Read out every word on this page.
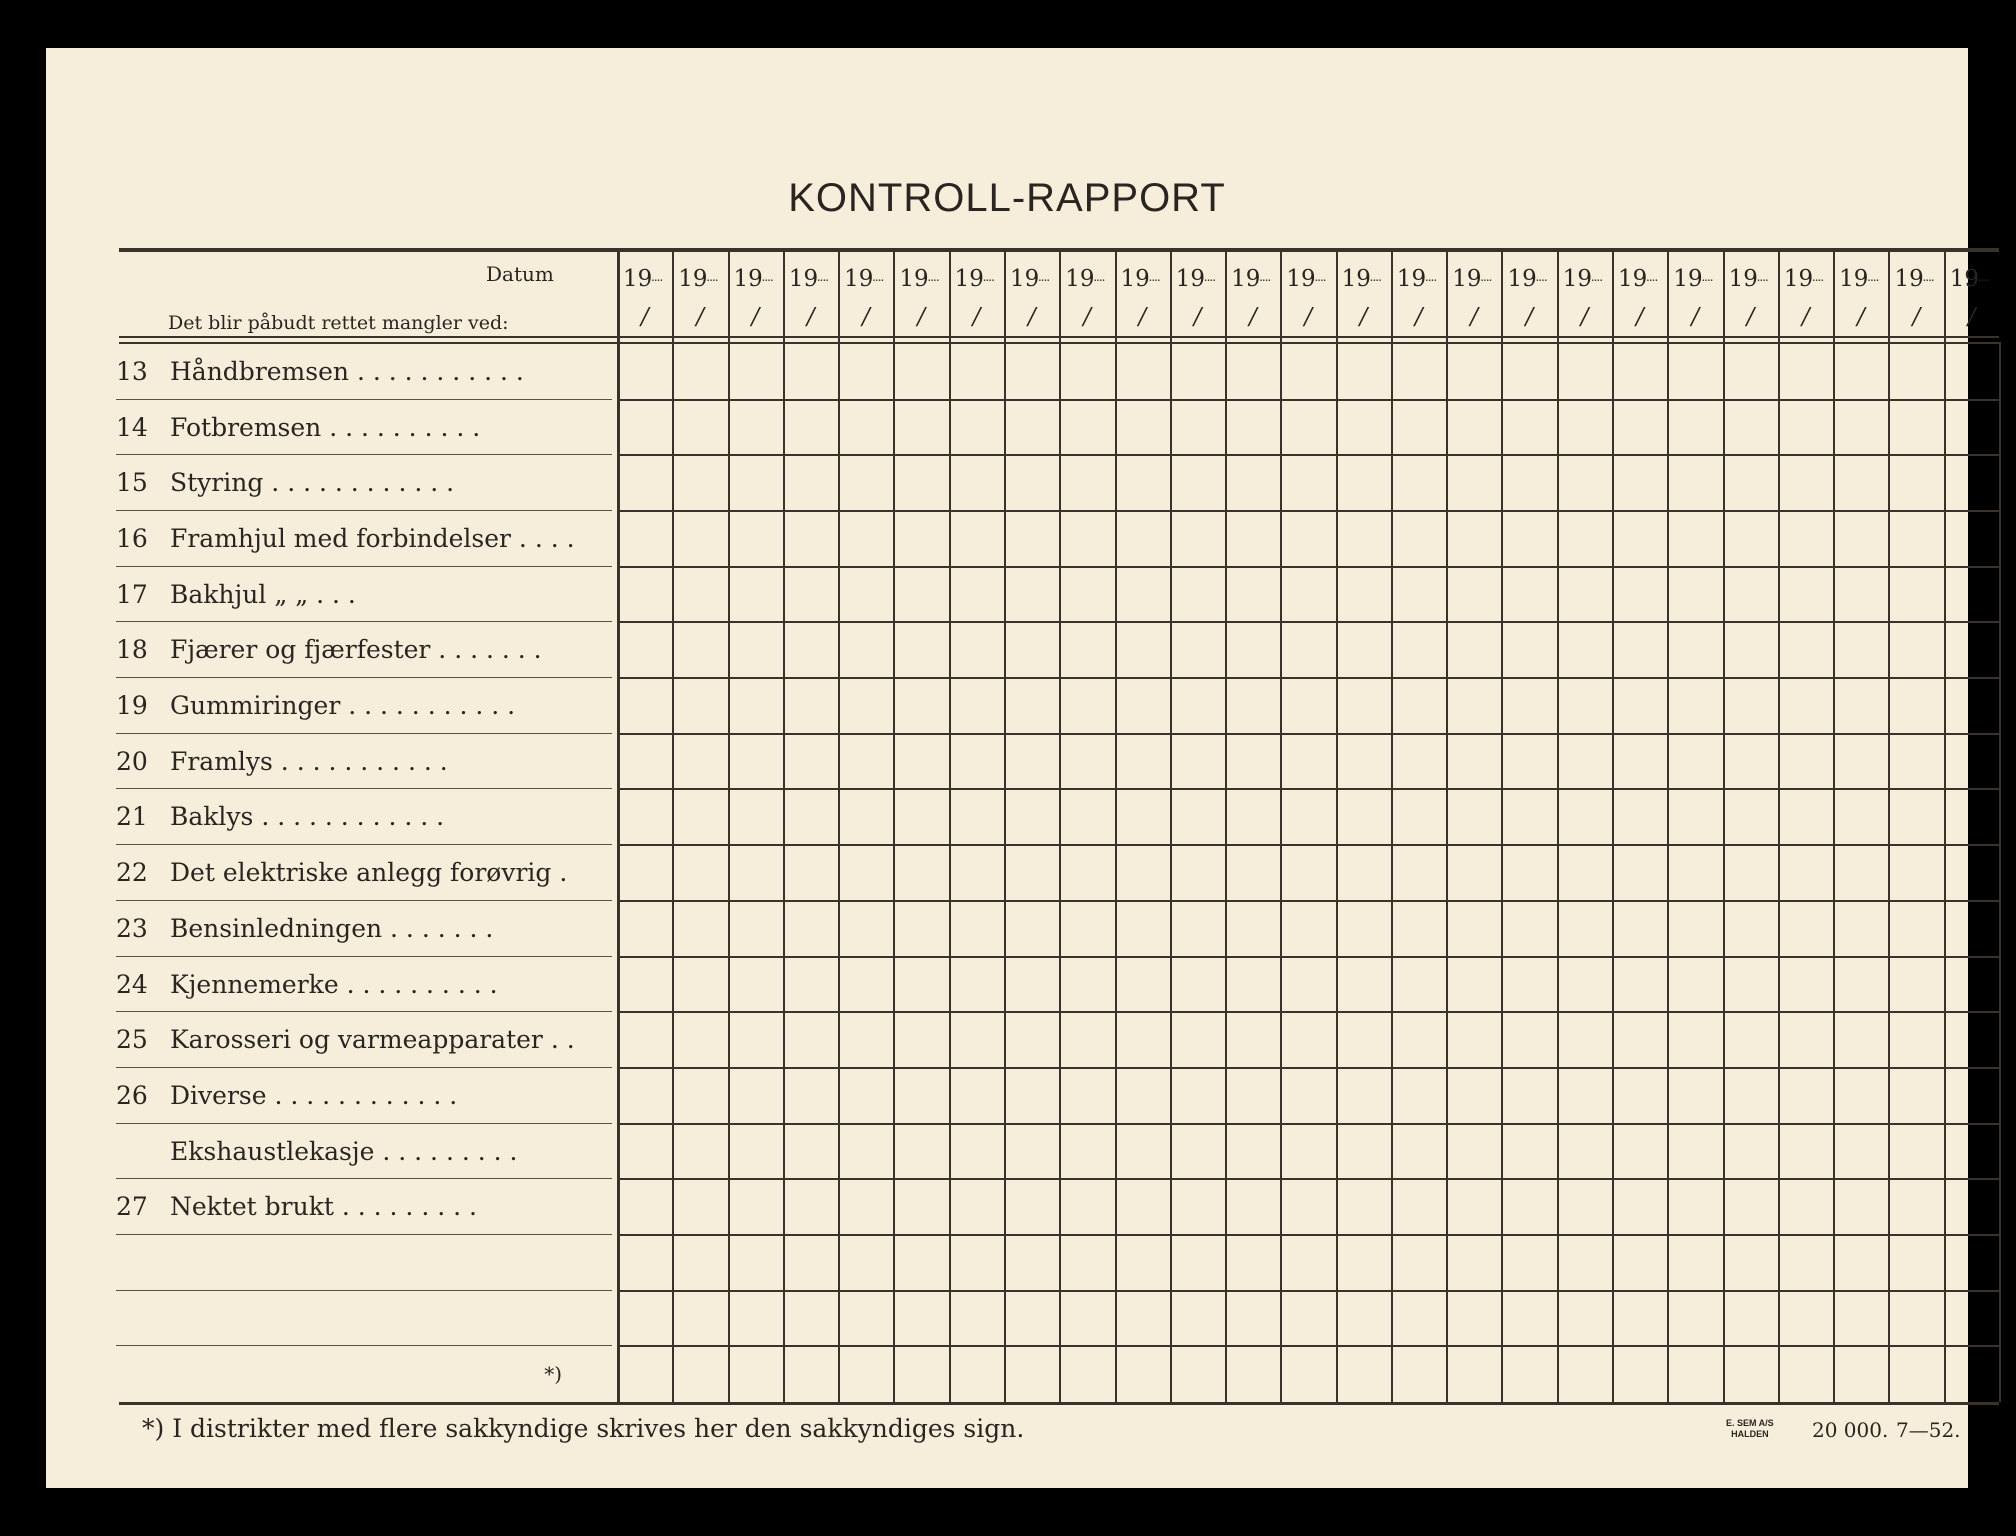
KONTROLL-RAPPORT
Datum
Det blir påbudt rettet mangler ved:
13 Håndbremsen . . . . . . . . . . .
14 Fotbremsen . . . . . . . . . .
15 Styring . . . . . . . . . . . .
16 Framhjul med forbindelser . . . .
17 Bakhjul „ „ . . .
18 Fjærer og fjærfester . . . . . . .
19 Gummiringer . . . . . . . . . . .
20 Framlys . . . . . . . . . . .
21 Baklys . . . . . . . . . . . .
22 Det elektriske anlegg forøvrig .
23 Bensinledningen . . . . . . .
24 Kjennemerke . . . . . . . . . .
25 Karosseri og varmeapparater . .
26 Diverse . . . . . . . . . . . .
Ekshaustlekasje . . . . . . . . .
27 Nektet brukt . . . . . . . . .
*)
19
....
/
19
....
/
19
....
/
19
....
/
19
....
/
19
....
/
19
....
/
19
....
/
19
....
/
19
....
/
19
....
/
19
....
/
19
....
/
19
....
/
19
....
/
19
....
/
19
....
/
19
....
/
19
....
/
19
....
/
19
....
/
19
....
/
19
....
/
19
....
/
19
....
/
*) I distrikter med flere sakkyndige skrives her den sakkyndiges sign.	E. SEM A/S
HALDEN 20 000. 7—52.
